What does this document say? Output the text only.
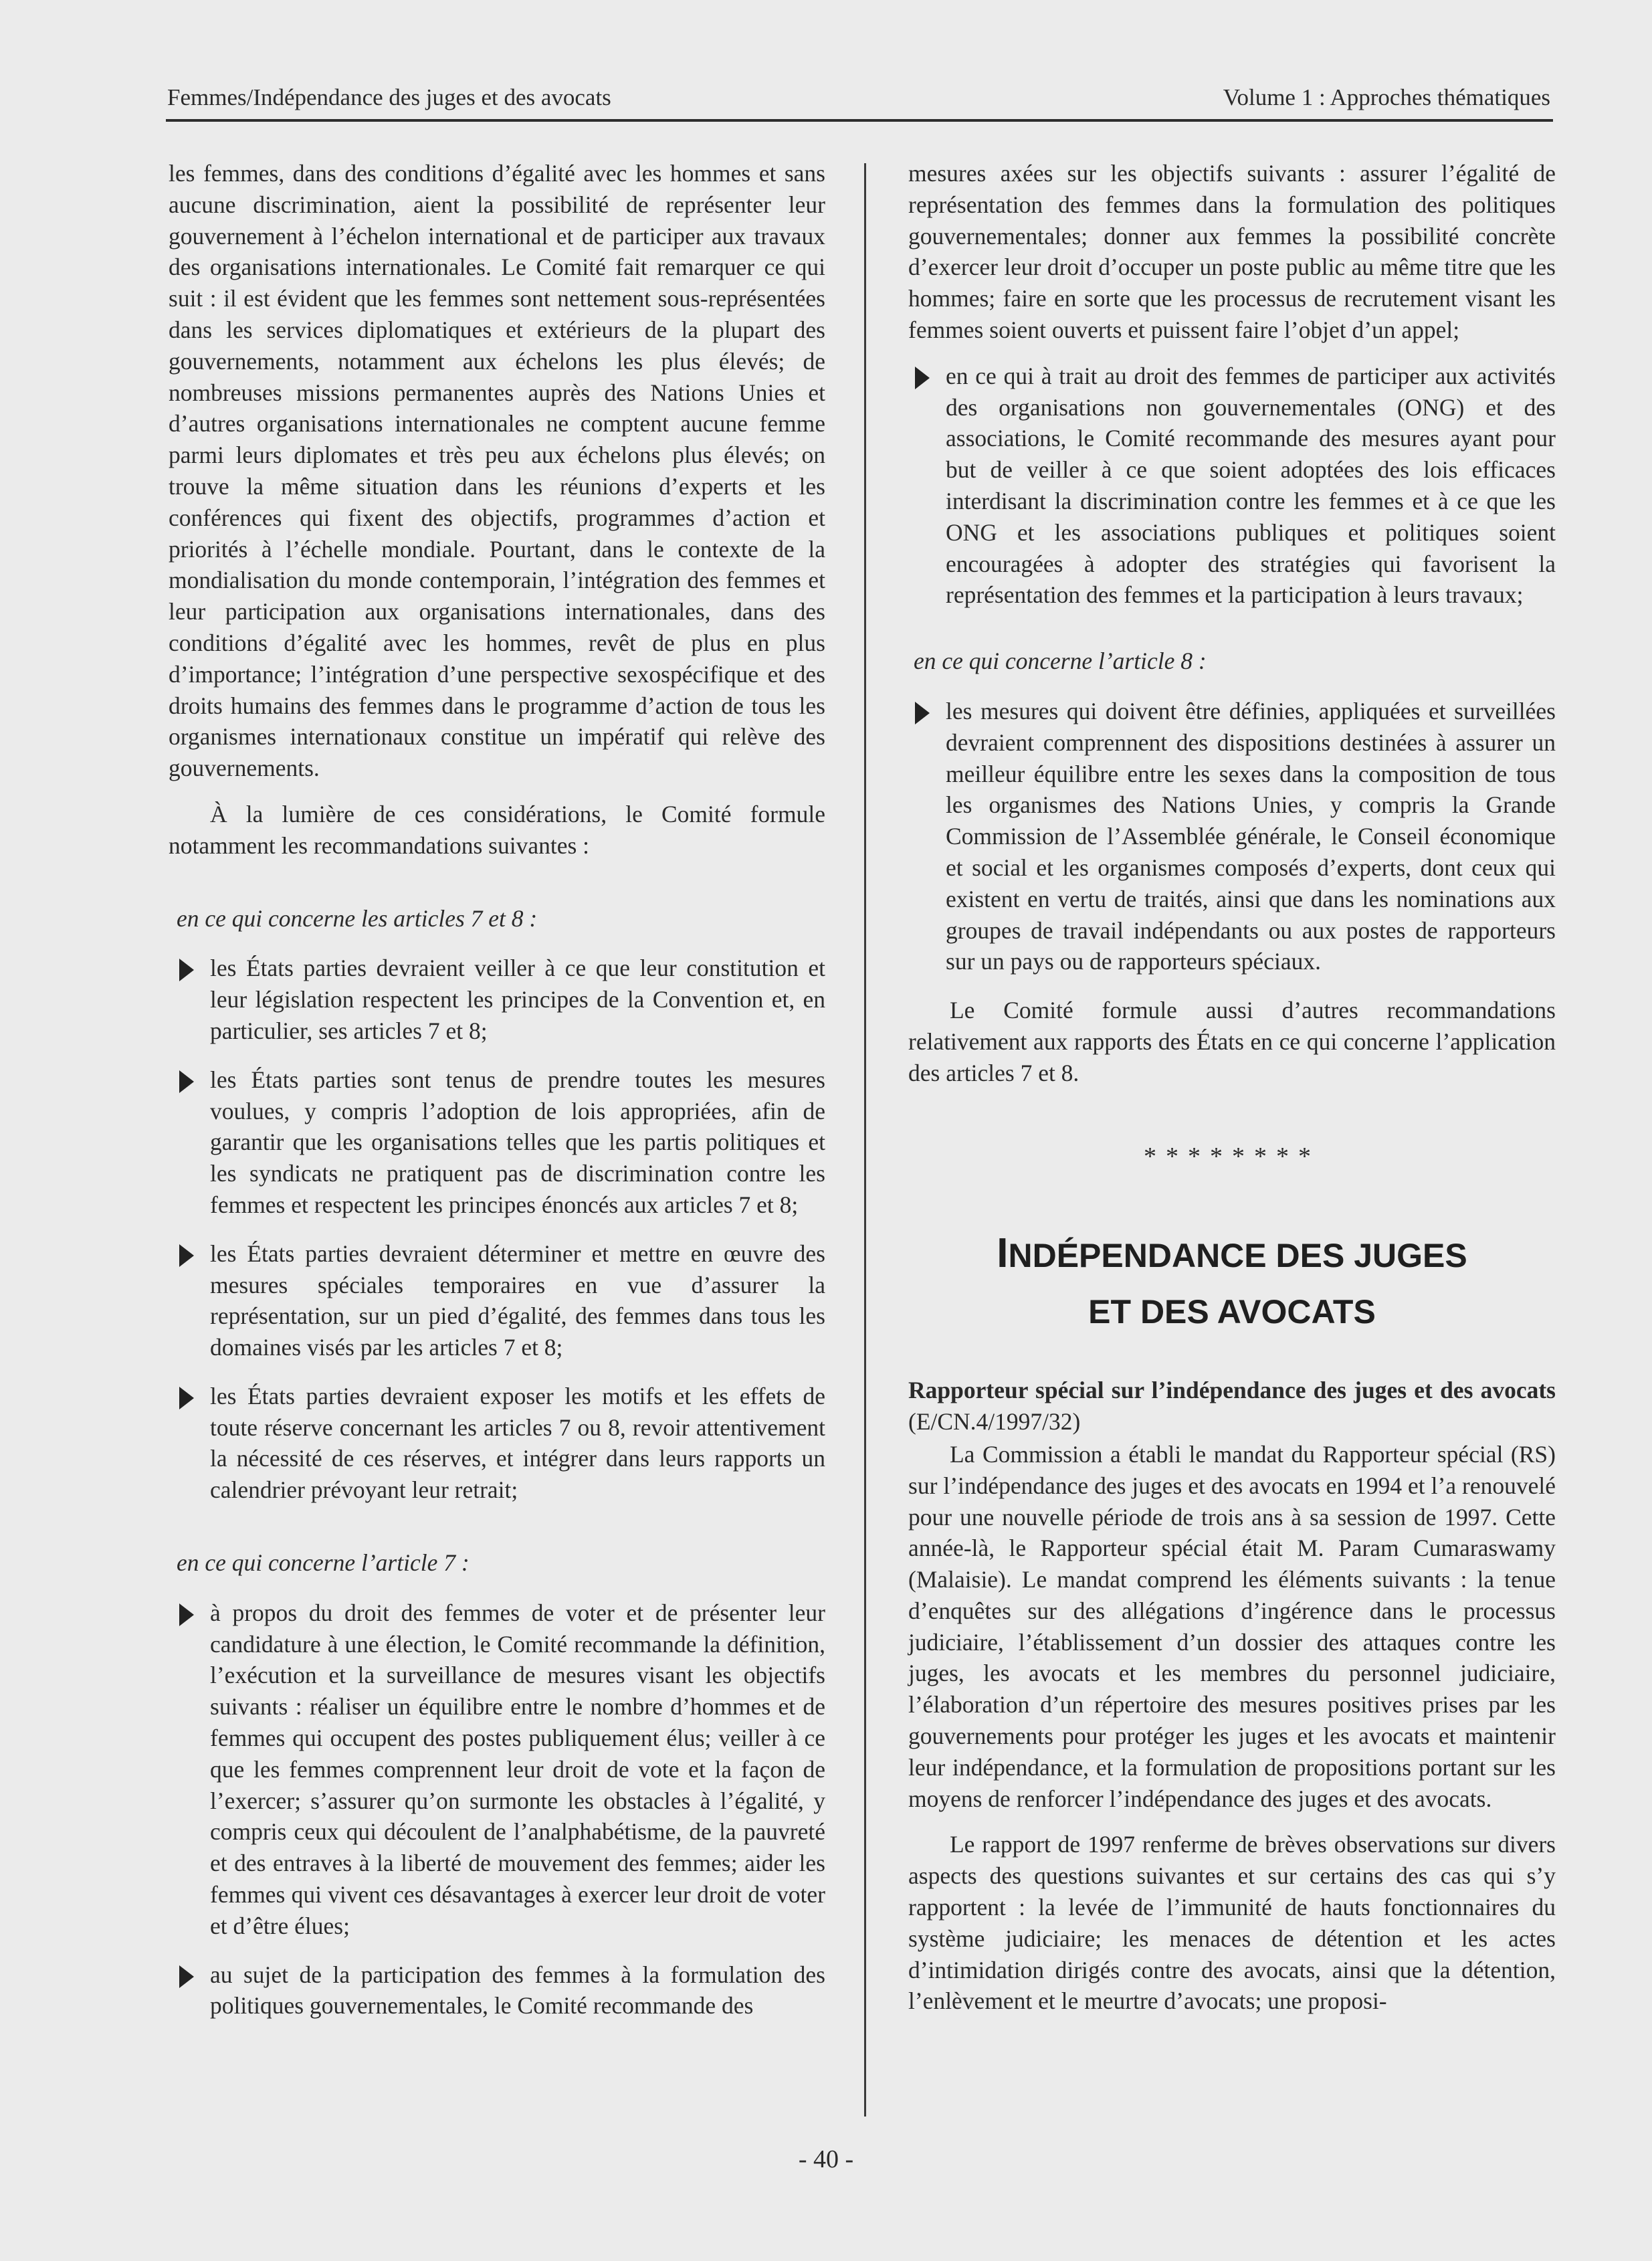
Femmes/Indépendance des juges et des avocats	Volume 1 : Approches thématiques

les femmes, dans des conditions d’égalité avec les hommes et sans aucune discrimination, aient la possibilité de représenter leur gouvernement à l’échelon international et de participer aux travaux des organisations internationales. Le Comité fait remarquer ce qui suit : il est évident que les femmes sont nettement sous-représentées dans les services diplomatiques et extérieurs de la plupart des gouvernements, notamment aux échelons les plus élevés; de nombreuses missions permanentes auprès des Nations Unies et d’autres organisations internationales ne comptent aucune femme parmi leurs diplomates et très peu aux échelons plus élevés; on trouve la même situation dans les réunions d’experts et les conférences qui fixent des objectifs, programmes d’action et priorités à l’échelle mondiale. Pourtant, dans le contexte de la mondialisation du monde contemporain, l’intégration des femmes et leur participation aux organisations internationales, dans des conditions d’égalité avec les hommes, revêt de plus en plus d’importance; l’intégration d’une perspective sexospécifique et des droits humains des femmes dans le programme d’action de tous les organismes internationaux constitue un impératif qui relève des gouvernements.

À la lumière de ces considérations, le Comité formule notamment les recommandations suivantes :

en ce qui concerne les articles 7 et 8 :

les États parties devraient veiller à ce que leur constitution et leur législation respectent les principes de la Convention et, en particulier, ses articles 7 et 8;

les États parties sont tenus de prendre toutes les mesures voulues, y compris l’adoption de lois appropriées, afin de garantir que les organisations telles que les partis politiques et les syndicats ne pratiquent pas de discrimination contre les femmes et respectent les principes énoncés aux articles 7 et 8;

les États parties devraient déterminer et mettre en œuvre des mesures spéciales temporaires en vue d’assurer la représentation, sur un pied d’égalité, des femmes dans tous les domaines visés par les articles 7 et 8;

les États parties devraient exposer les motifs et les effets de toute réserve concernant les articles 7 ou 8, revoir attentivement la nécessité de ces réserves, et intégrer dans leurs rapports un calendrier prévoyant leur retrait;

en ce qui concerne l’article 7 :

à propos du droit des femmes de voter et de présenter leur candidature à une élection, le Comité recommande la définition, l’exécution et la surveillance de mesures visant les objectifs suivants : réaliser un équilibre entre le nombre d’hommes et de femmes qui occupent des postes publiquement élus; veiller à ce que les femmes comprennent leur droit de vote et la façon de l’exercer; s’assurer qu’on surmonte les obstacles à l’égalité, y compris ceux qui découlent de l’analphabétisme, de la pauvreté et des entraves à la liberté de mouvement des femmes; aider les femmes qui vivent ces désavantages à exercer leur droit de voter et d’être élues;

au sujet de la participation des femmes à la formulation des politiques gouvernementales, le Comité recommande des

mesures axées sur les objectifs suivants : assurer l’égalité de représentation des femmes dans la formulation des politiques gouvernementales; donner aux femmes la possibilité concrète d’exercer leur droit d’occuper un poste public au même titre que les hommes; faire en sorte que les processus de recrutement visant les femmes soient ouverts et puissent faire l’objet d’un appel;

en ce qui à trait au droit des femmes de participer aux activités des organisations non gouvernementales (ONG) et des associations, le Comité recommande des mesures ayant pour but de veiller à ce que soient adoptées des lois efficaces interdisant la discrimination contre les femmes et à ce que les ONG et les associations publiques et politiques soient encouragées à adopter des stratégies qui favorisent la représentation des femmes et la participation à leurs travaux;

en ce qui concerne l’article 8 :

les mesures qui doivent être définies, appliquées et surveillées devraient comprennent des dispositions destinées à assurer un meilleur équilibre entre les sexes dans la composition de tous les organismes des Nations Unies, y compris la Grande Commission de l’Assemblée générale, le Conseil économique et social et les organismes composés d’experts, dont ceux qui existent en vertu de traités, ainsi que dans les nominations aux groupes de travail indépendants ou aux postes de rapporteurs sur un pays ou de rapporteurs spéciaux.

Le Comité formule aussi d’autres recommandations relativement aux rapports des États en ce qui concerne l’application des articles 7 et 8.

********

INDÉPENDANCE DES JUGES
ET DES AVOCATS

Rapporteur spécial sur l’indépendance des juges et des avocats (E/CN.4/1997/32)

La Commission a établi le mandat du Rapporteur spécial (RS) sur l’indépendance des juges et des avocats en 1994 et l’a renouvelé pour une nouvelle période de trois ans à sa session de 1997. Cette année-là, le Rapporteur spécial était M. Param Cumaraswamy (Malaisie). Le mandat comprend les éléments suivants : la tenue d’enquêtes sur des allégations d’ingérence dans le processus judiciaire, l’établissement d’un dossier des attaques contre les juges, les avocats et les membres du personnel judiciaire, l’élaboration d’un répertoire des mesures positives prises par les gouvernements pour protéger les juges et les avocats et maintenir leur indépendance, et la formulation de propositions portant sur les moyens de renforcer l’indépendance des juges et des avocats.

Le rapport de 1997 renferme de brèves observations sur divers aspects des questions suivantes et sur certains des cas qui s’y rapportent : la levée de l’immunité de hauts fonctionnaires du système judiciaire; les menaces de détention et les actes d’intimidation dirigés contre des avocats, ainsi que la détention, l’enlèvement et le meurtre d’avocats; une proposi-

- 40 -
